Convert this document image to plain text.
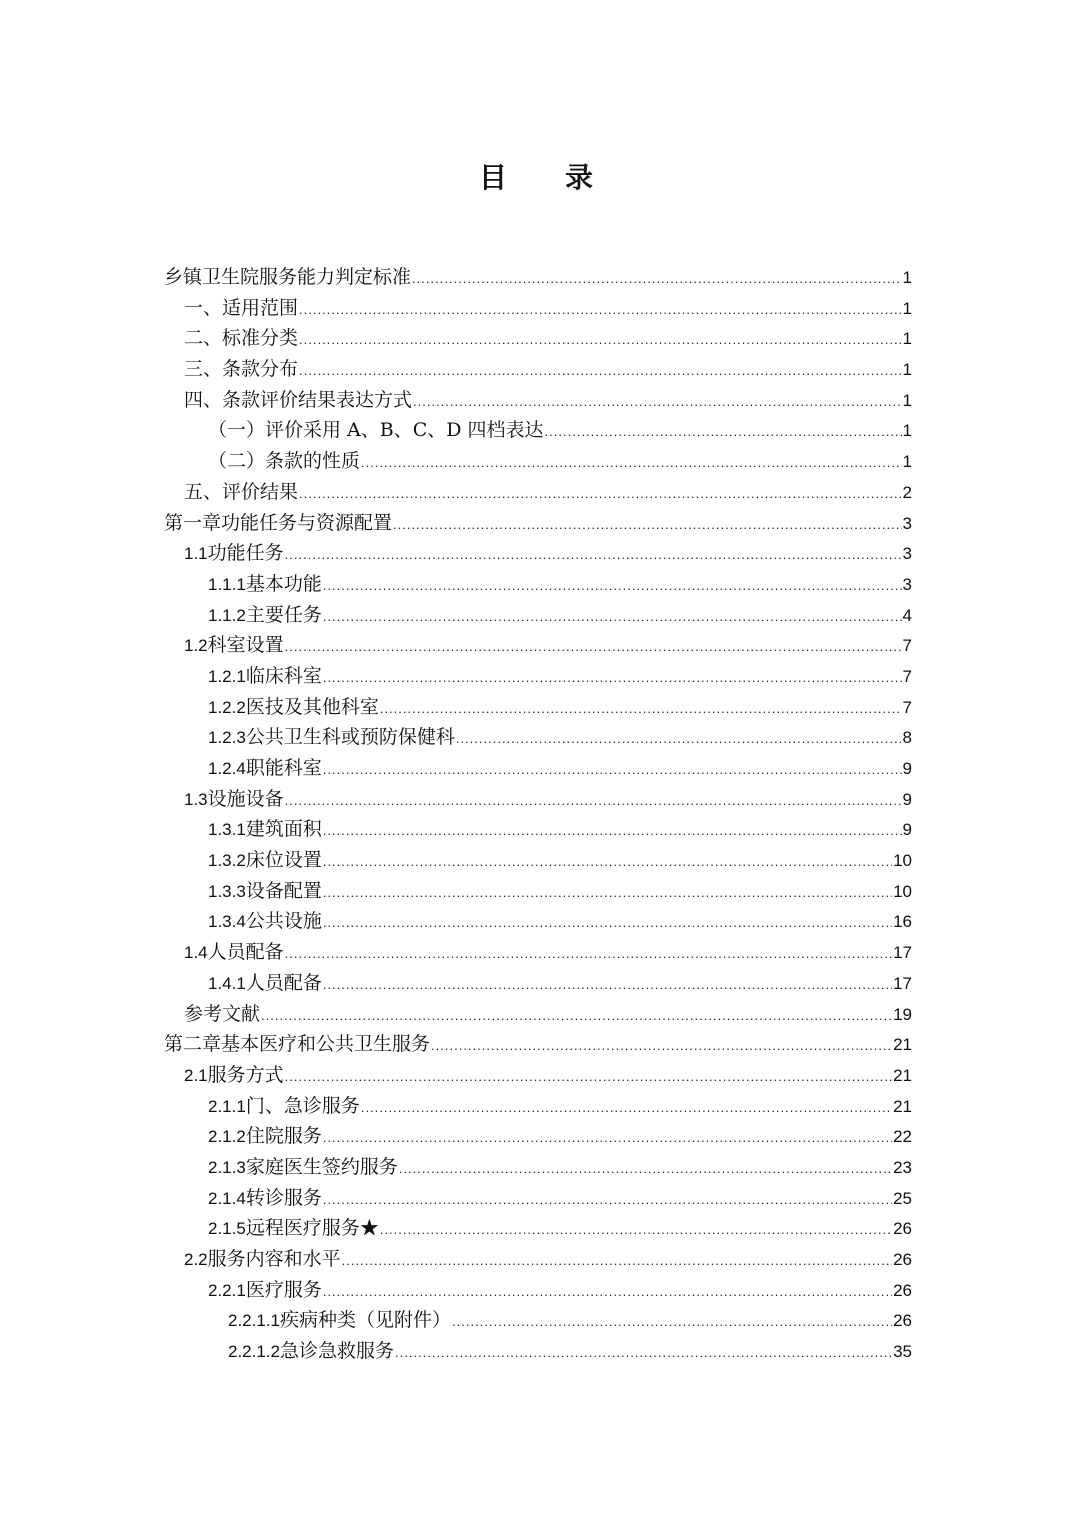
目 录
乡镇卫生院服务能力判定标准 .....	1
一、适用范围 .....	1
二、标准分类 .....	1
三、条款分布 .....	1
四、条款评价结果表达方式 .....	1
（一）评价采用 A、B、C、D 四档表达 .....	1
（二）条款的性质 .....	1
五、评价结果 .....	2
第一章 功能任务与资源配置 .....	3
1.1 功能任务 .....	3
1.1.1 基本功能 .....	3
1.1.2 主要任务 .....	4
1.2 科室设置 .....	7
1.2.1 临床科室 .....	7
1.2.2 医技及其他科室 .....	7
1.2.3 公共卫生科或预防保健科 .....	8
1.2.4 职能科室 .....	9
1.3 设施设备 .....	9
1.3.1 建筑面积 .....	9
1.3.2 床位设置 .....	10
1.3.3 设备配置 .....	10
1.3.4 公共设施 .....	16
1.4 人员配备 .....	17
1.4.1 人员配备 .....	17
参考文献 .....	19
第二章 基本医疗和公共卫生服务 .....	21
2.1 服务方式 .....	21
2.1.1 门、急诊服务 .....	21
2.1.2 住院服务 .....	22
2.1.3 家庭医生签约服务 .....	23
2.1.4 转诊服务 .....	25
2.1.5 远程医疗服务★ .....	26
2.2 服务内容和水平 .....	26
2.2.1 医疗服务 .....	26
2.2.1.1 疾病种类（见附件） .....	26
2.2.1.2 急诊急救服务 .....	35
